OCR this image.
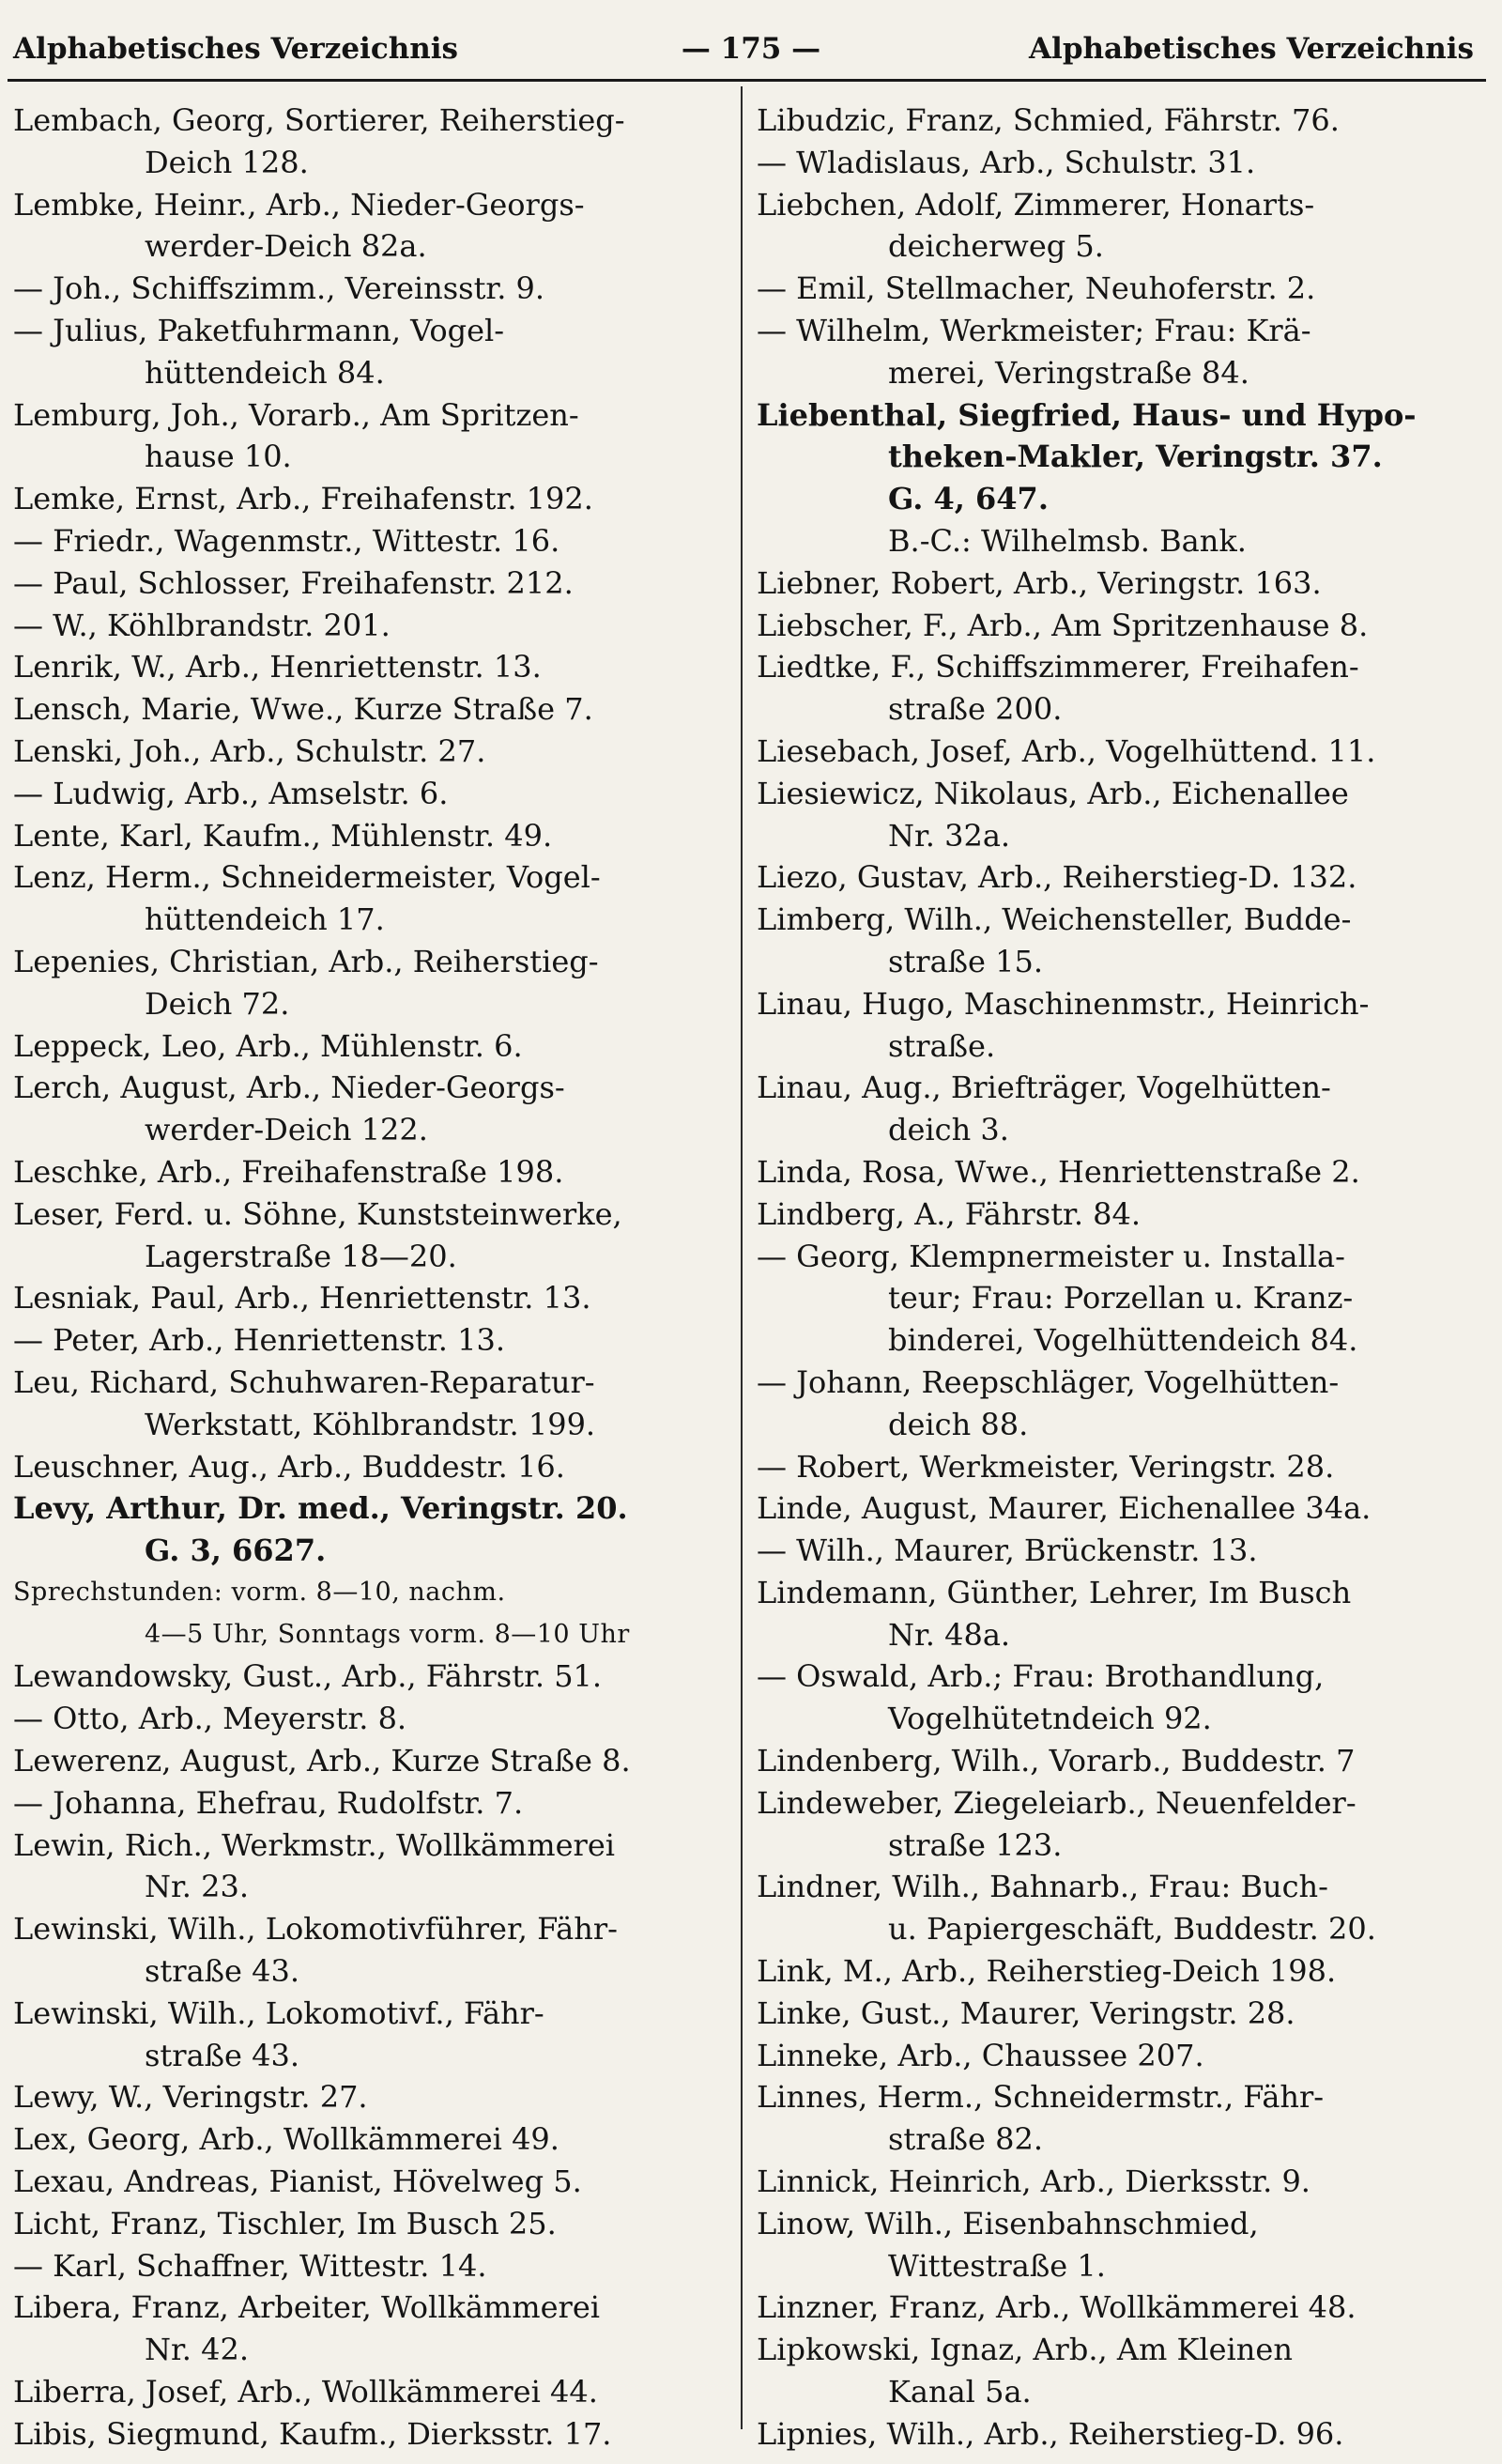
Alphabetisches Verzeichnis	— 175 —	Alphabetisches Verzeichnis
Lembach, Georg, Sortierer, Reiherstieg-
Deich 128.
Lembke, Heinr., Arb., Nieder-Georgs-
werder-Deich 82a.
— Joh., Schiffszimm., Vereinsstr. 9.
— Julius, Paketfuhrmann, Vogel-
hüttendeich 84.
Lemburg, Joh., Vorarb., Am Spritzen-
hause 10.
Lemke, Ernst, Arb., Freihafenstr. 192.
— Friedr., Wagenmstr., Wittestr. 16.
— Paul, Schlosser, Freihafenstr. 212.
— W., Köhlbrandstr. 201.
Lenrik, W., Arb., Henriettenstr. 13.
Lensch, Marie, Wwe., Kurze Straße 7.
Lenski, Joh., Arb., Schulstr. 27.
— Ludwig, Arb., Amselstr. 6.
Lente, Karl, Kaufm., Mühlenstr. 49.
Lenz, Herm., Schneidermeister, Vogel-
hüttendeich 17.
Lepenies, Christian, Arb., Reiherstieg-
Deich 72.
Leppeck, Leo, Arb., Mühlenstr. 6.
Lerch, August, Arb., Nieder-Georgs-
werder-Deich 122.
Leschke, Arb., Freihafenstraße 198.
Leser, Ferd. u. Söhne, Kunststeinwerke,
Lagerstraße 18—20.
Lesniak, Paul, Arb., Henriettenstr. 13.
— Peter, Arb., Henriettenstr. 13.
Leu, Richard, Schuhwaren-Reparatur-
Werkstatt, Köhlbrandstr. 199.
Leuschner, Aug., Arb., Buddestr. 16.
Levy, Arthur, Dr. med., Veringstr. 20.
G. 3, 6627.
Sprechstunden: vorm. 8—10, nachm.
4—5 Uhr, Sonntags vorm. 8—10 Uhr
Lewandowsky, Gust., Arb., Fährstr. 51.
— Otto, Arb., Meyerstr. 8.
Lewerenz, August, Arb., Kurze Straße 8.
— Johanna, Ehefrau, Rudolfstr. 7.
Lewin, Rich., Werkmstr., Wollkämmerei
Nr. 23.
Lewinski, Wilh., Lokomotivführer, Fähr-
straße 43.
Lewinski, Wilh., Lokomotivf., Fähr-
straße 43.
Lewy, W., Veringstr. 27.
Lex, Georg, Arb., Wollkämmerei 49.
Lexau, Andreas, Pianist, Hövelweg 5.
Licht, Franz, Tischler, Im Busch 25.
— Karl, Schaffner, Wittestr. 14.
Libera, Franz, Arbeiter, Wollkämmerei
Nr. 42.
Liberra, Josef, Arb., Wollkämmerei 44.
Libis, Siegmund, Kaufm., Dierksstr. 17.
Libudzic, Franz, Schmied, Fährstr. 76.
— Wladislaus, Arb., Schulstr. 31.
Liebchen, Adolf, Zimmerer, Honarts-
deicherweg 5.
— Emil, Stellmacher, Neuhoferstr. 2.
— Wilhelm, Werkmeister; Frau: Krä-
merei, Veringstraße 84.
Liebenthal, Siegfried, Haus- und Hypo-
theken-Makler, Veringstr. 37.
G. 4, 647.
B.-C.: Wilhelmsb. Bank.
Liebner, Robert, Arb., Veringstr. 163.
Liebscher, F., Arb., Am Spritzenhause 8.
Liedtke, F., Schiffszimmerer, Freihafen-
straße 200.
Liesebach, Josef, Arb., Vogelhüttend. 11.
Liesiewicz, Nikolaus, Arb., Eichenallee
Nr. 32a.
Liezo, Gustav, Arb., Reiherstieg-D. 132.
Limberg, Wilh., Weichensteller, Budde-
straße 15.
Linau, Hugo, Maschinenmstr., Heinrich-
straße.
Linau, Aug., Briefträger, Vogelhütten-
deich 3.
Linda, Rosa, Wwe., Henriettenstraße 2.
Lindberg, A., Fährstr. 84.
— Georg, Klempnermeister u. Installa-
teur; Frau: Porzellan u. Kranz-
binderei, Vogelhüttendeich 84.
— Johann, Reepschläger, Vogelhütten-
deich 88.
— Robert, Werkmeister, Veringstr. 28.
Linde, August, Maurer, Eichenallee 34a.
— Wilh., Maurer, Brückenstr. 13.
Lindemann, Günther, Lehrer, Im Busch
Nr. 48a.
— Oswald, Arb.; Frau: Brothandlung,
Vogelhütetndeich 92.
Lindenberg, Wilh., Vorarb., Buddestr. 7
Lindeweber, Ziegeleiarb., Neuenfelder-
straße 123.
Lindner, Wilh., Bahnarb., Frau: Buch-
u. Papiergeschäft, Buddestr. 20.
Link, M., Arb., Reiherstieg-Deich 198.
Linke, Gust., Maurer, Veringstr. 28.
Linneke, Arb., Chaussee 207.
Linnes, Herm., Schneidermstr., Fähr-
straße 82.
Linnick, Heinrich, Arb., Dierksstr. 9.
Linow, Wilh., Eisenbahnschmied,
Wittestraße 1.
Linzner, Franz, Arb., Wollkämmerei 48.
Lipkowski, Ignaz, Arb., Am Kleinen
Kanal 5a.
Lipnies, Wilh., Arb., Reiherstieg-D. 96.
